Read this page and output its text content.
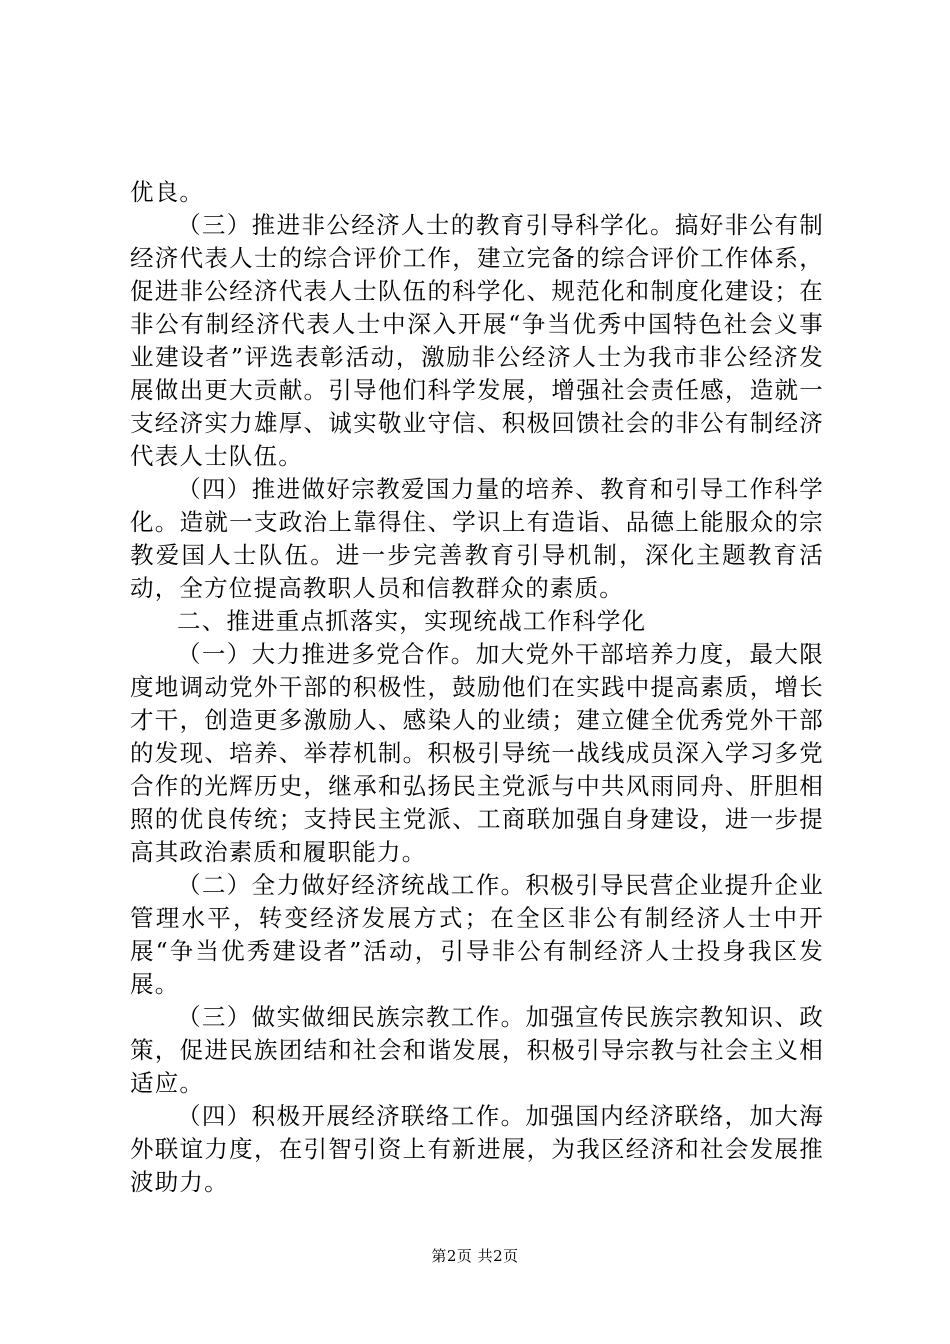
优良。

（三）推进非公经济人士的教育引导科学化。搞好非公有制经济代表人士的综合评价工作，建立完备的综合评价工作体系，促进非公经济代表人士队伍的科学化、规范化和制度化建设；在非公有制经济代表人士中深入开展“争当优秀中国特色社会义事业建设者”评选表彰活动，激励非公经济人士为我市非公经济发展做出更大贡献。引导他们科学发展，增强社会责任感，造就一支经济实力雄厚、诚实敬业守信、积极回馈社会的非公有制经济代表人士队伍。

（四）推进做好宗教爱国力量的培养、教育和引导工作科学化。造就一支政治上靠得住、学识上有造诣、品德上能服众的宗教爱国人士队伍。进一步完善教育引导机制，深化主题教育活动，全方位提高教职人员和信教群众的素质。

二、推进重点抓落实，实现统战工作科学化

（一）大力推进多党合作。加大党外干部培养力度，最大限度地调动党外干部的积极性，鼓励他们在实践中提高素质，增长才干，创造更多激励人、感染人的业绩；建立健全优秀党外干部的发现、培养、举荐机制。积极引导统一战线成员深入学习多党合作的光辉历史，继承和弘扬民主党派与中共风雨同舟、肝胆相照的优良传统；支持民主党派、工商联加强自身建设，进一步提高其政治素质和履职能力。

（二）全力做好经济统战工作。积极引导民营企业提升企业管理水平，转变经济发展方式；在全区非公有制经济人士中开展“争当优秀建设者”活动，引导非公有制经济人士投身我区发展。

（三）做实做细民族宗教工作。加强宣传民族宗教知识、政策，促进民族团结和社会和谐发展，积极引导宗教与社会主义相适应。

（四）积极开展经济联络工作。加强国内经济联络，加大海外联谊力度，在引智引资上有新进展，为我区经济和社会发展推波助力。

第2页 共2页
